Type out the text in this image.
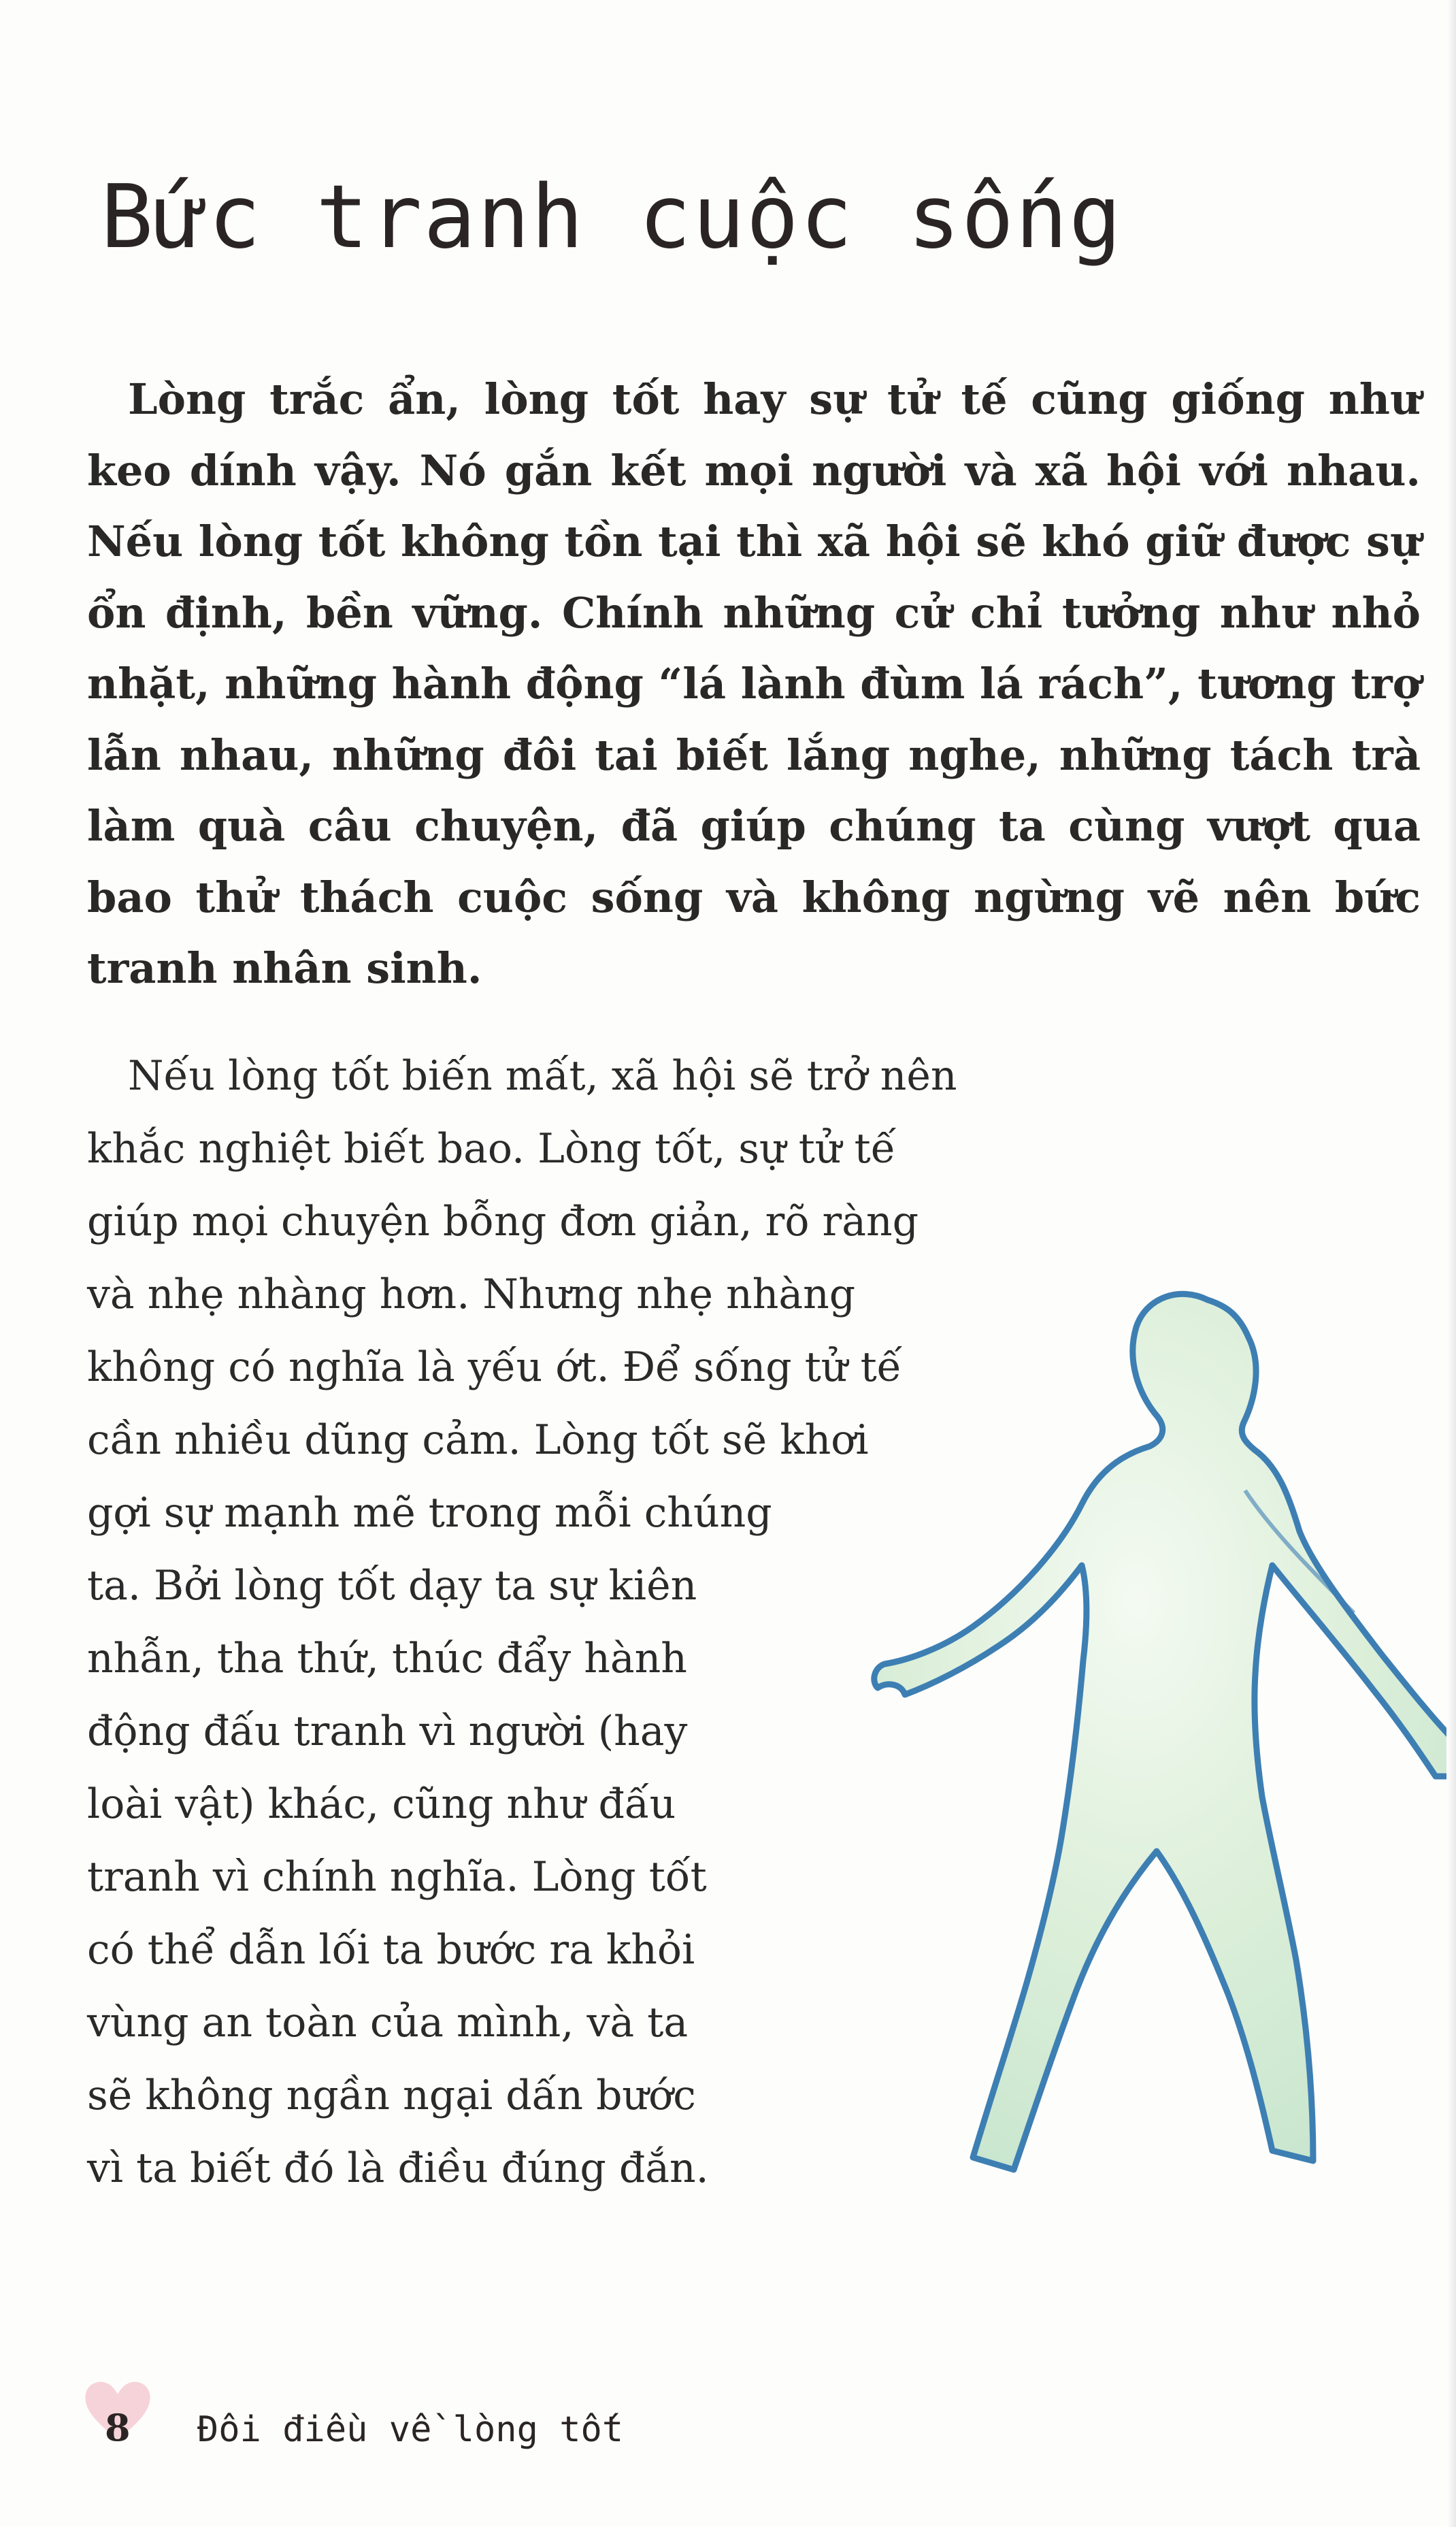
Bức tranh cuộc sống

Lòng trắc ẩn, lòng tốt hay sự tử tế cũng giống như keo dính vậy. Nó gắn kết mọi người và xã hội với nhau. Nếu lòng tốt không tồn tại thì xã hội sẽ khó giữ được sự ổn định, bền vững. Chính những cử chỉ tưởng như nhỏ nhặt, những hành động “lá lành đùm lá rách”, tương trợ lẫn nhau, những đôi tai biết lắng nghe, những tách trà làm quà câu chuyện, đã giúp chúng ta cùng vượt qua bao thử thách cuộc sống và không ngừng vẽ nên bức tranh nhân sinh.

Nếu lòng tốt biến mất, xã hội sẽ trở nên
khắc nghiệt biết bao. Lòng tốt, sự tử tế
giúp mọi chuyện bỗng đơn giản, rõ ràng
và nhẹ nhàng hơn. Nhưng nhẹ nhàng
không có nghĩa là yếu ớt. Để sống tử tế
cần nhiều dũng cảm. Lòng tốt sẽ khơi
gợi sự mạnh mẽ trong mỗi chúng
ta. Bởi lòng tốt dạy ta sự kiên
nhẫn, tha thứ, thúc đẩy hành
động đấu tranh vì người (hay
loài vật) khác, cũng như đấu
tranh vì chính nghĩa. Lòng tốt
có thể dẫn lối ta bước ra khỏi
vùng an toàn của mình, và ta
sẽ không ngần ngại dấn bước
vì ta biết đó là điều đúng đắn.

8 Đôi điều về lòng tốt
